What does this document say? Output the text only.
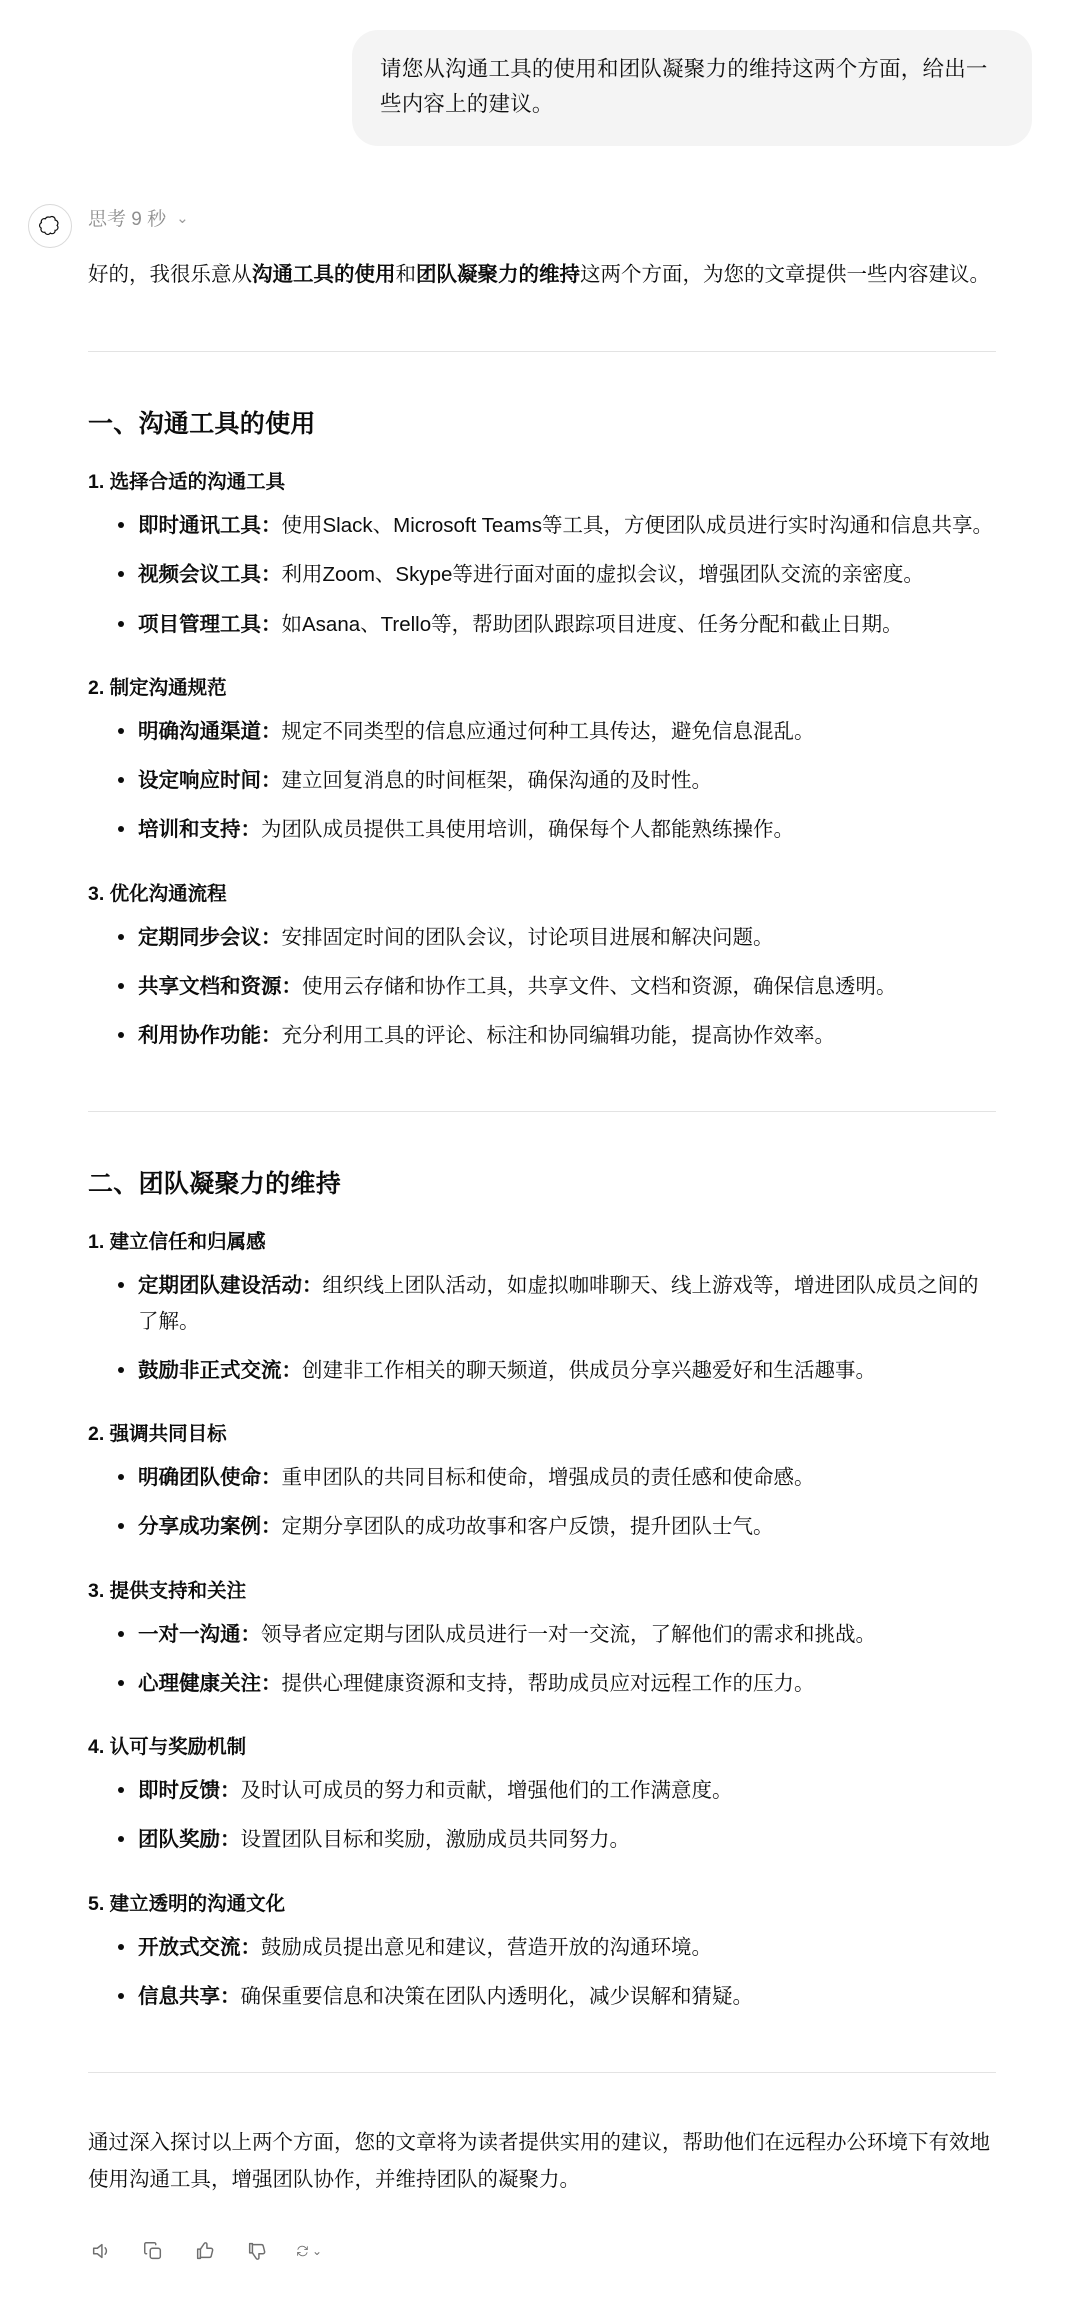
请您从沟通工具的使用和团队凝聚力的维持这两个方面，给出一些内容上的建议。
思考 9 秒 ⌄

好的，我很乐意从沟通工具的使用和团队凝聚力的维持这两个方面，为您的文章提供一些内容建议。

一、沟通工具的使用
1. 选择合适的沟通工具
即时通讯工具：使用Slack、Microsoft Teams等工具，方便团队成员进行实时沟通和信息共享。
视频会议工具：利用Zoom、Skype等进行面对面的虚拟会议，增强团队交流的亲密度。
项目管理工具：如Asana、Trello等，帮助团队跟踪项目进度、任务分配和截止日期。
2. 制定沟通规范
明确沟通渠道：规定不同类型的信息应通过何种工具传达，避免信息混乱。
设定响应时间：建立回复消息的时间框架，确保沟通的及时性。
培训和支持：为团队成员提供工具使用培训，确保每个人都能熟练操作。
3. 优化沟通流程
定期同步会议：安排固定时间的团队会议，讨论项目进展和解决问题。
共享文档和资源：使用云存储和协作工具，共享文件、文档和资源，确保信息透明。
利用协作功能：充分利用工具的评论、标注和协同编辑功能，提高协作效率。
二、团队凝聚力的维持
1. 建立信任和归属感
定期团队建设活动：组织线上团队活动，如虚拟咖啡聊天、线上游戏等，增进团队成员之间的了解。
鼓励非正式交流：创建非工作相关的聊天频道，供成员分享兴趣爱好和生活趣事。
2. 强调共同目标
明确团队使命：重申团队的共同目标和使命，增强成员的责任感和使命感。
分享成功案例：定期分享团队的成功故事和客户反馈，提升团队士气。
3. 提供支持和关注
一对一沟通：领导者应定期与团队成员进行一对一交流，了解他们的需求和挑战。
心理健康关注：提供心理健康资源和支持，帮助成员应对远程工作的压力。
4. 认可与奖励机制
即时反馈：及时认可成员的努力和贡献，增强他们的工作满意度。
团队奖励：设置团队目标和奖励，激励成员共同努力。
5. 建立透明的沟通文化
开放式交流：鼓励成员提出意见和建议，营造开放的沟通环境。
信息共享：确保重要信息和决策在团队内透明化，减少误解和猜疑。

通过深入探讨以上两个方面，您的文章将为读者提供实用的建议，帮助他们在远程办公环境下有效地使用沟通工具，增强团队协作，并维持团队的凝聚力。

⌄
